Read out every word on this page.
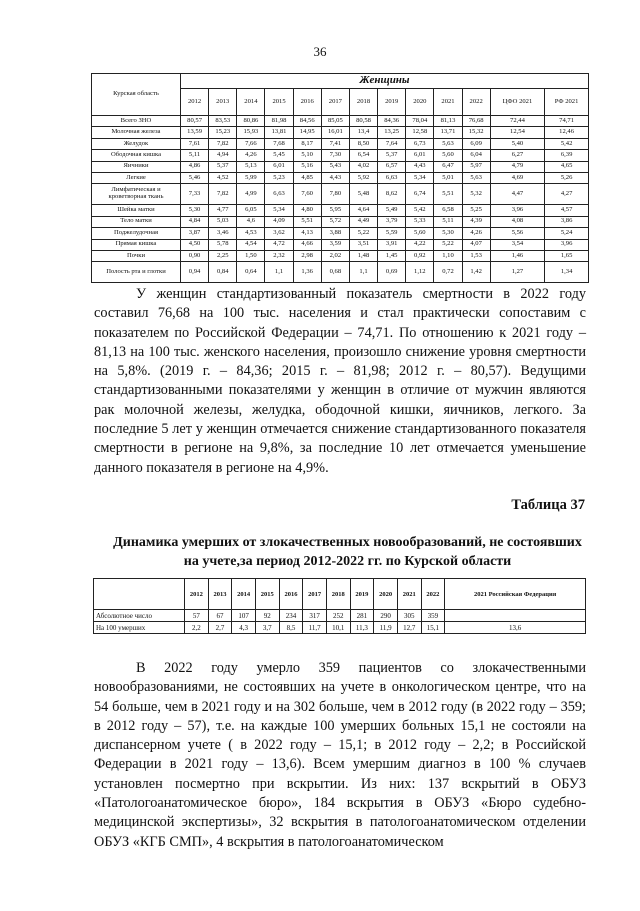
36
Курская область	Женщины												
	2012	2013	2014	2015	2016	2017	2018	2019	2020	2021	2022	ЦФО 2021	РФ 2021
Всего ЗНО	80,57	83,53	80,86	81,98	84,56	85,05	80,58	84,36	78,04	81,13	76,68	72,44	74,71
Молочная железа	13,59	15,23	15,93	13,81	14,95	16,01	13,4	13,25	12,58	13,71	15,32	12,54	12,46
Желудок	7,61	7,82	7,66	7,68	8,17	7,41	8,50	7,64	6,73	5,63	6,09	5,40	5,42
Ободочная кишка	5,11	4,94	4,26	5,45	5,10	7,30	6,54	5,37	6,01	5,60	6,04	6,27	6,39
Яичники	4,86	5,37	5,13	6,01	5,16	5,43	4,02	6,57	4,43	6,47	5,97	4,79	4,65
Легкие	5,46	4,52	5,99	5,23	4,85	4,43	5,92	6,63	5,34	5,01	5,63	4,69	5,26
Лимфатическая и кроветворная ткань	7,33	7,82	4,99	6,63	7,60	7,80	5,48	8,62	6,74	5,51	5,32	4,47	4,27
Шейка матки	5,30	4,77	6,05	5,34	4,80	5,95	4,64	5,49	5,42	6,58	5,25	3,96	4,57
Тело матки	4,84	5,03	4,6	4,09	5,51	5,72	4,49	3,79	5,33	5,11	4,39	4,08	3,86
Поджелудочная	3,87	3,46	4,53	3,62	4,13	3,88	5,22	5,59	5,60	5,30	4,26	5,56	5,24
Прямая кишка	4,50	5,78	4,54	4,72	4,66	3,59	3,51	3,91	4,22	5,22	4,07	3,54	3,96
Почки	0,90	2,25	1,50	2,32	2,98	2,02	1,48	1,45	0,92	1,10	1,53	1,46	1,65
Полость рта и глотки	0,94	0,84	0,64	1,1	1,36	0,68	1,1	0,69	1,12	0,72	1,42	1,27	1,34
У женщин стандартизованный показатель смертности в 2022 году составил 76,68 на 100 тыс. населения и стал практически сопоставим с показателем по Российской Федерации – 74,71. По отношению к 2021 году – 81,13 на 100 тыс. женского населения, произошло снижение уровня смертности на 5,8%. (2019 г. – 84,36; 2015 г. – 81,98; 2012 г. – 80,57). Ведущими стандартизованными показателями у женщин в отличие от мужчин являются рак молочной железы, желудка, ободочной кишки, яичников, легкого. За последние 5 лет у женщин отмечается снижение стандартизованного показателя смертности в регионе на 9,8%, за последние 10 лет отмечается уменьшение данного показателя в регионе на 4,9%.
Таблица 37
Динамика умерших от злокачественных новообразований, не состоявших на учете,за период 2012-2022 гг. по Курской области
	2012	2013	2014	2015	2016	2017	2018	2019	2020	2021	2022	2021 Российская Федерация
Абсолютное число	57	67	107	92	234	317	252	281	290	305	359	
На 100 умерших	2,2	2,7	4,3	3,7	8,5	11,7	10,1	11,3	11,9	12,7	15,1	13,6
В 2022 году умерло 359 пациентов со злокачественными новообразованиями, не состоявших на учете в онкологическом центре, что на 54 больше, чем в 2021 году и на 302 больше, чем в 2012 году (в 2022 году – 359; в 2012 году – 57), т.е. на каждые 100 умерших больных 15,1 не состояли на диспансерном учете ( в 2022 году – 15,1; в 2012 году – 2,2; в Российской Федерации в 2021 году – 13,6). Всем умершим диагноз в 100 % случаев установлен посмертно при вскрытии. Из них: 137 вскрытий в ОБУЗ «Патологоанатомическое бюро», 184 вскрытия в ОБУЗ «Бюро судебно-медицинской экспертизы», 32 вскрытия в патологоанатомическом отделении ОБУЗ «КГБ СМП», 4 вскрытия в патологоанатомическом
